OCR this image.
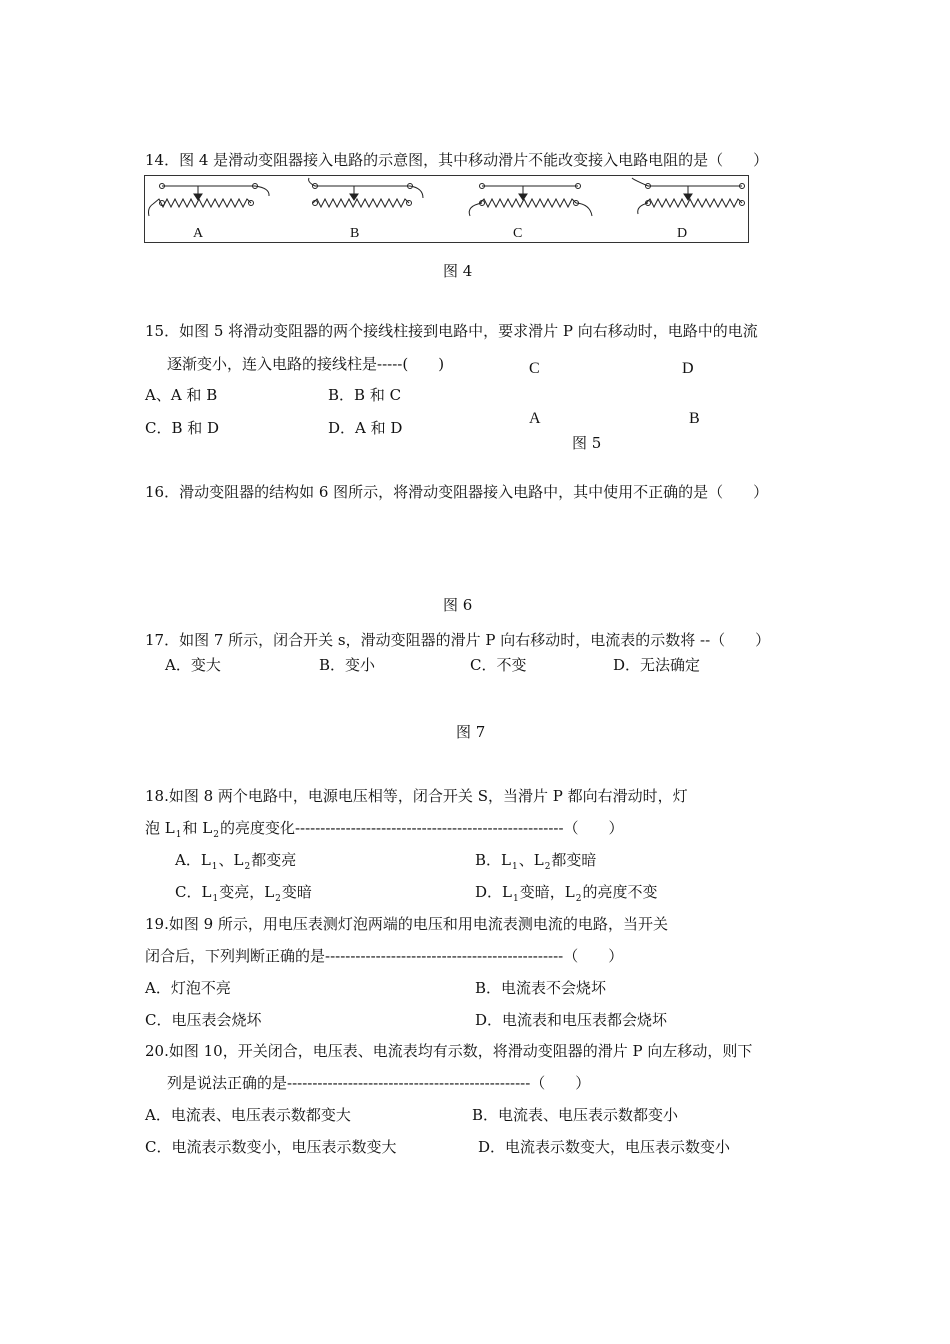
14．图 4 是滑动变阻器接入电路的示意图，其中移动滑片不能改变接入电路电阻的是（　　）
A	B	C	D
图 4
15．如图 5 将滑动变阻器的两个接线柱接到电路中，要求滑片 P 向右移动时，电路中的电流
逐渐变小，连入电路的接线柱是-----(　　)
A、A 和 B	B．B 和 C
C．B 和 D	D．A 和 D
C	D
A	B
图 5
16．滑动变阻器的结构如 6 图所示，将滑动变阻器接入电路中，其中使用不正确的是（　　）
图 6
17．如图 7 所示，闭合开关 s，滑动变阻器的滑片 P 向右移动时，电流表的示数将 --（　　）
A．变大	B．变小	C．不变	D．无法确定
图 7
18.如图 8 两个电路中，电源电压相等，闭合开关 S，当滑片 P 都向右滑动时，灯
泡 $L_1$和 $L_2$的亮度变化-----------------------------------------------------（　　）
A．$L_1$、$L_2$都变亮	B．$L_1$、$L_2$都变暗
C．$L_1$变亮，$L_2$变暗	D．$L_1$变暗，$L_2$的亮度不变
19.如图 9 所示，用电压表测灯泡两端的电压和用电流表测电流的电路，当开关
闭合后，下列判断正确的是-----------------------------------------------（　　）
A．灯泡不亮	B．电流表不会烧坏
C．电压表会烧坏	D．电流表和电压表都会烧坏
20.如图 10，开关闭合，电压表、电流表均有示数，将滑动变阻器的滑片 P 向左移动，则下
列是说法正确的是------------------------------------------------（　　）
A．电流表、电压表示数都变大	B．电流表、电压表示数都变小
C．电流表示数变小，电压表示数变大	D．电流表示数变大，电压表示数变小
